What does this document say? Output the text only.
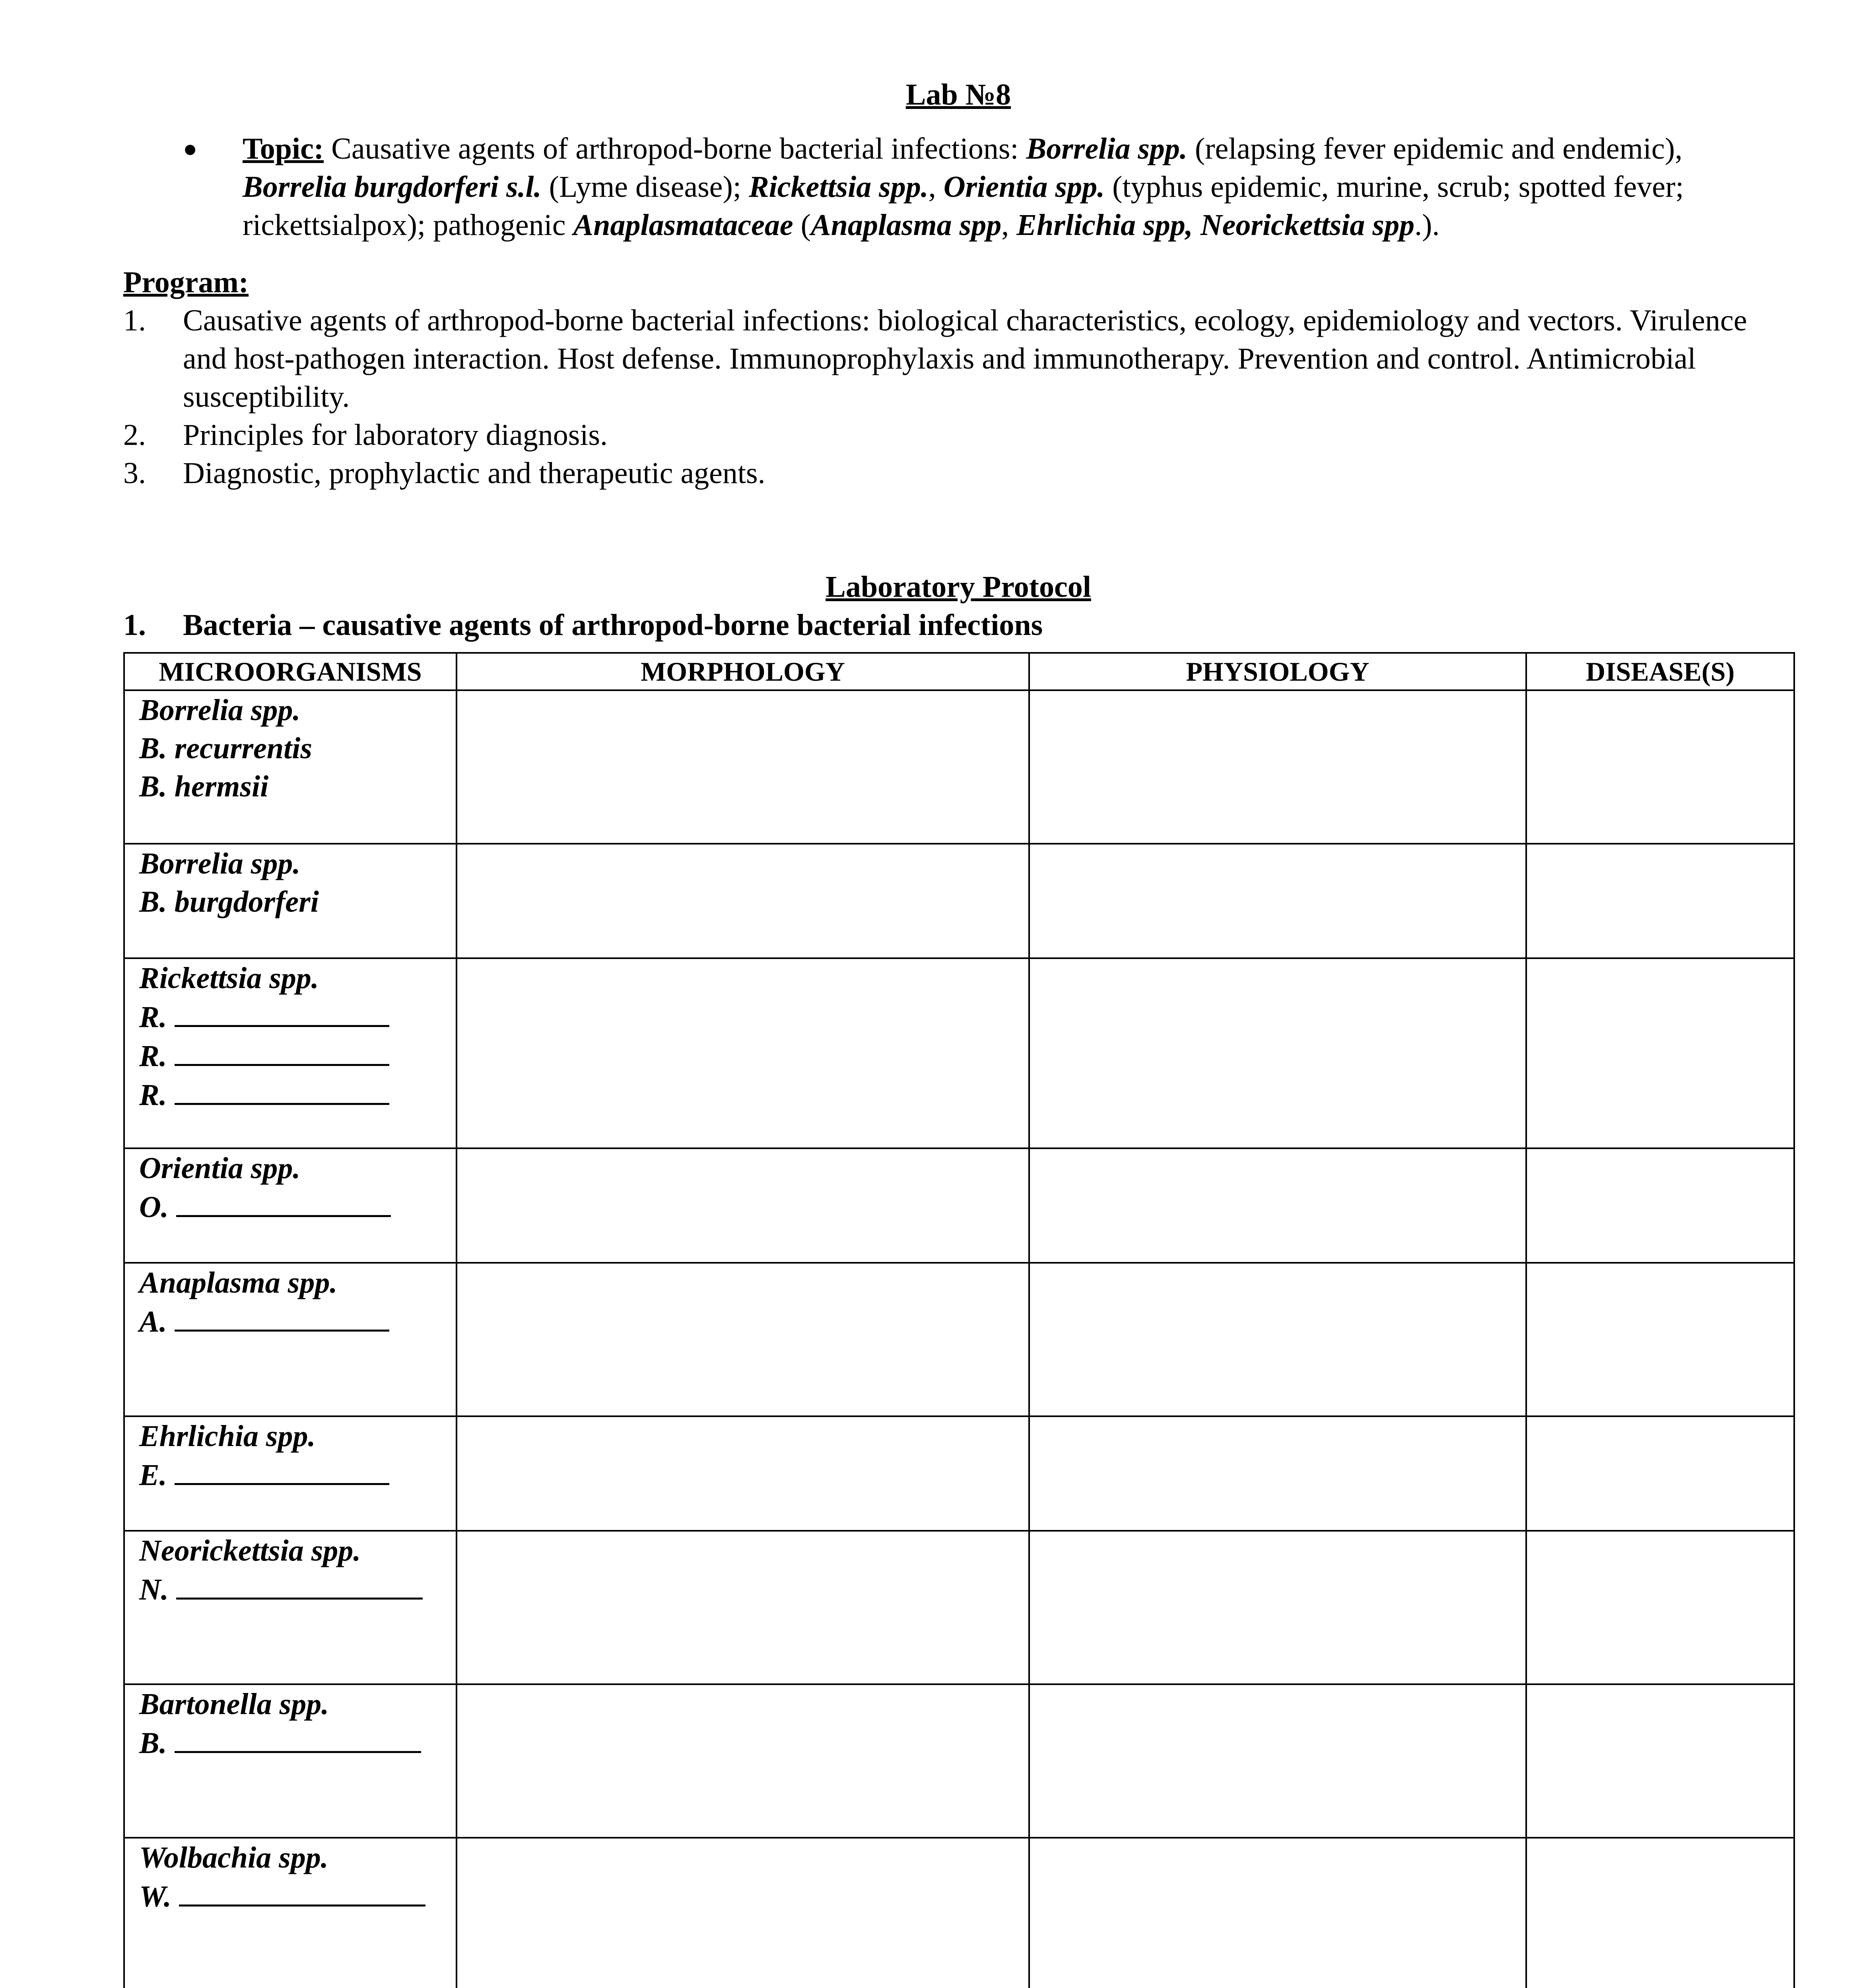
Lab №8
●	Topic: Causative agents of arthropod-borne bacterial infections: Borrelia spp. (relapsing fever epidemic and endemic), Borrelia burgdorferi s.l. (Lyme disease); Rickettsia spp., Orientia spp. (typhus epidemic, murine, scrub; spotted fever; rickettsialpox); pathogenic Anaplasmataceae (Anaplasma spp, Ehrlichia spp, Neorickettsia spp.).
Program:
1.	Causative agents of arthropod-borne bacterial infections: biological characteristics, ecology, epidemiology and vectors. Virulence and host-pathogen interaction. Host defense. Immunoprophylaxis and immunotherapy. Prevention and control. Antimicrobial susceptibility.
2.	Principles for laboratory diagnosis.
3.	Diagnostic, prophylactic and therapeutic agents.
Laboratory Protocol
1.	Bacteria – causative agents of arthropod-borne bacterial infections
MICROORGANISMS	MORPHOLOGY	PHYSIOLOGY	DISEASE(S)

Borrelia spp.
B. recurrentis
B. hermsii			

Borrelia spp.
B. burgdorferi			

Rickettsia spp.
R.
R.
R.			

Orientia spp.
O.			

Anaplasma spp.
A.			

Ehrlichia spp.
E.			

Neorickettsia spp.
N.			

Bartonella spp.
B.			

Wolbachia spp.
W.			
